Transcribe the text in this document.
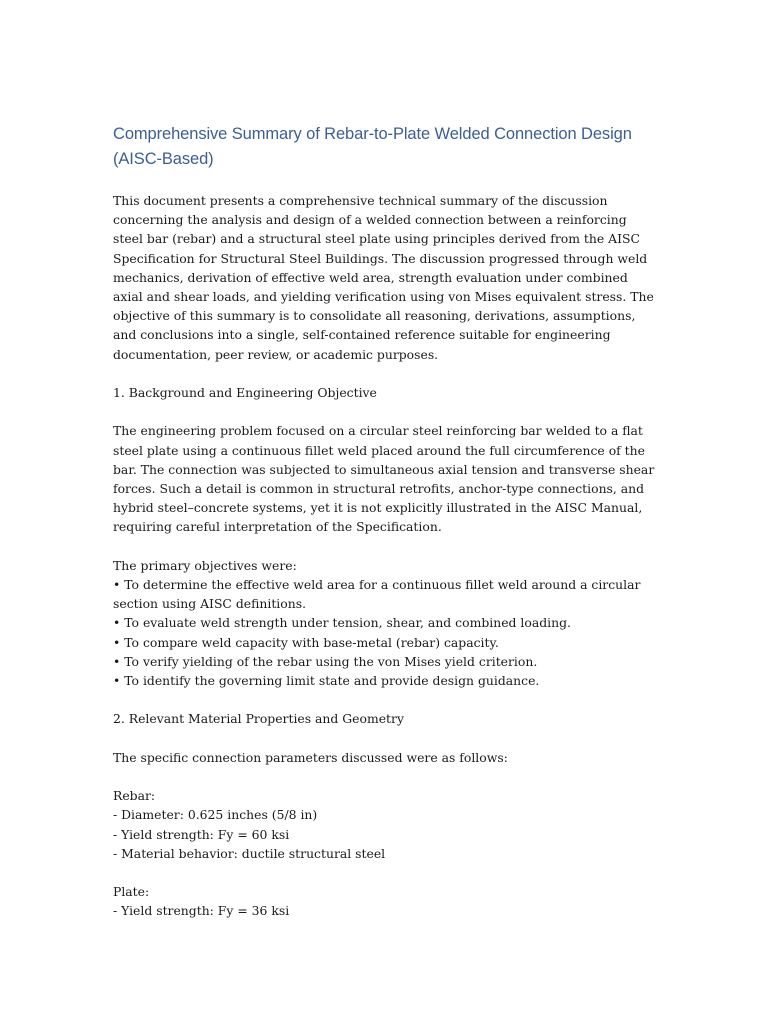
Comprehensive Summary of Rebar-to-Plate Welded Connection Design (AISC-Based)

This document presents a comprehensive technical summary of the discussion concerning the analysis and design of a welded connection between a reinforcing steel bar (rebar) and a structural steel plate using principles derived from the AISC Specification for Structural Steel Buildings. The discussion progressed through weld mechanics, derivation of effective weld area, strength evaluation under combined axial and shear loads, and yielding verification using von Mises equivalent stress. The objective of this summary is to consolidate all reasoning, derivations, assumptions, and conclusions into a single, self-contained reference suitable for engineering documentation, peer review, or academic purposes.

1. Background and Engineering Objective

The engineering problem focused on a circular steel reinforcing bar welded to a flat steel plate using a continuous fillet weld placed around the full circumference of the bar. The connection was subjected to simultaneous axial tension and transverse shear forces. Such a detail is common in structural retrofits, anchor-type connections, and hybrid steel–concrete systems, yet it is not explicitly illustrated in the AISC Manual, requiring careful interpretation of the Specification.

The primary objectives were:
• To determine the effective weld area for a continuous fillet weld around a circular section using AISC definitions.
• To evaluate weld strength under tension, shear, and combined loading.
• To compare weld capacity with base-metal (rebar) capacity.
• To verify yielding of the rebar using the von Mises yield criterion.
• To identify the governing limit state and provide design guidance.

2. Relevant Material Properties and Geometry

The specific connection parameters discussed were as follows:

Rebar:
- Diameter: 0.625 inches (5/8 in)
- Yield strength: Fy = 60 ksi
- Material behavior: ductile structural steel
Plate:
- Yield strength: Fy = 36 ksi
